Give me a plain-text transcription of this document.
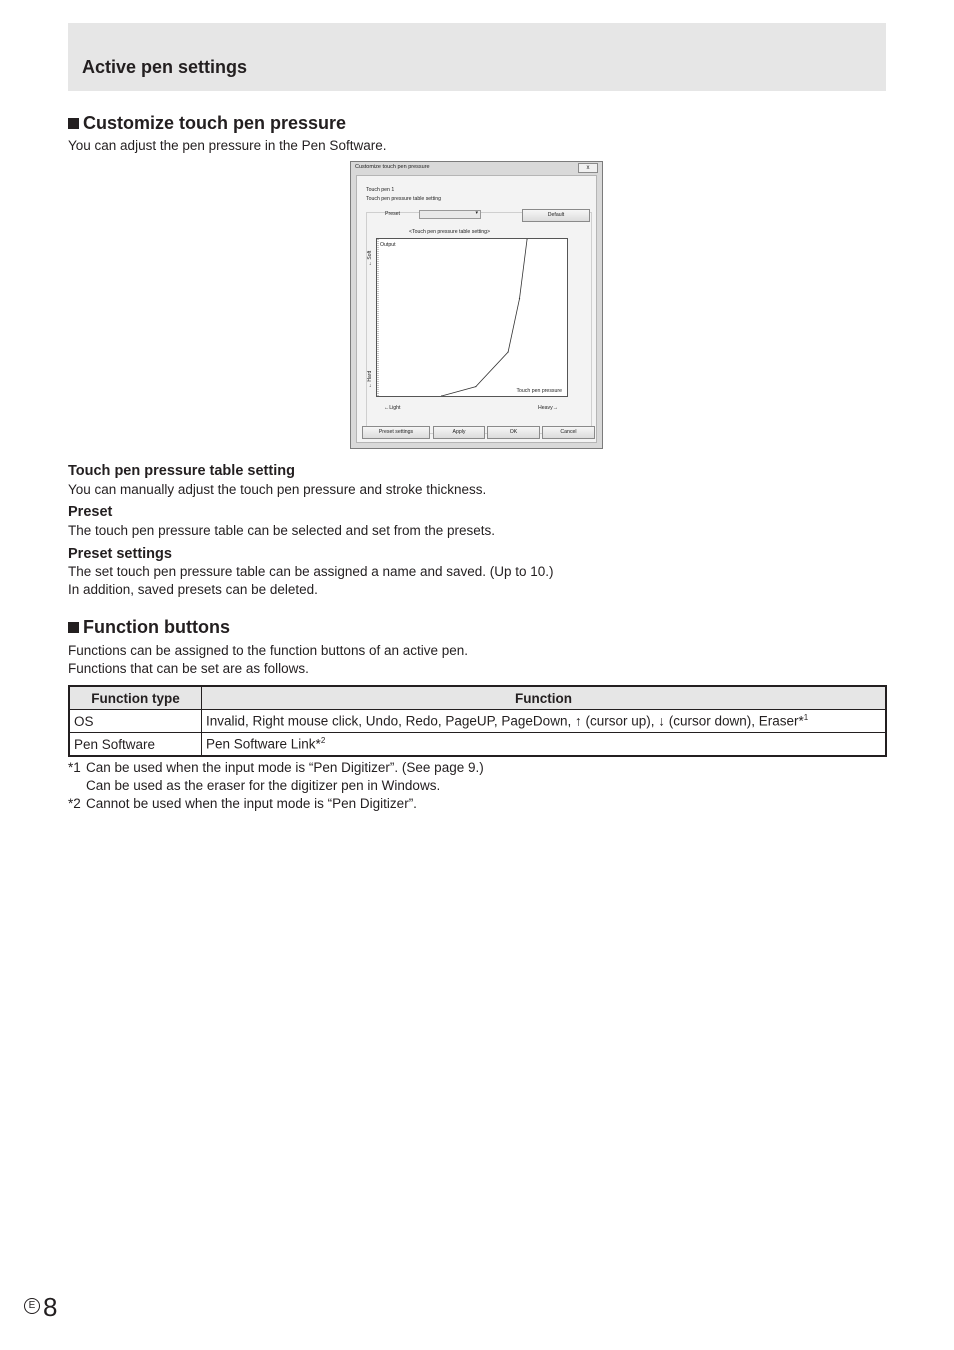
Active pen settings
Customize touch pen pressure
You can adjust the pen pressure in the Pen Software.
Customize touch pen pressure	x
Touch pen 1
Touch pen pressure table setting
Preset	▾	Default
<Touch pen pressure table setting>
← Soft
← Hard
Output
Touch pen pressure
←Light	Heavy→
Preset settings	Apply	OK	Cancel
Touch pen pressure table setting
You can manually adjust the touch pen pressure and stroke thickness.
Preset
The touch pen pressure table can be selected and set from the presets.
Preset settings
The set touch pen pressure table can be assigned a name and saved. (Up to 10.)
In addition, saved presets can be deleted.
Function buttons
Functions can be assigned to the function buttons of an active pen.
Functions that can be set are as follows.
Function type	Function
OS	Invalid, Right mouse click, Undo, Redo, PageUP, PageDown, ↑ (cursor up), ↓ (cursor down), Eraser*$^1$
Pen Software	Pen Software Link*$^2$
*1 Can be used when the input mode is “Pen Digitizer”. (See page 9.)
Can be used as the eraser for the digitizer pen in Windows.
*2 Cannot be used when the input mode is “Pen Digitizer”.
E 8
